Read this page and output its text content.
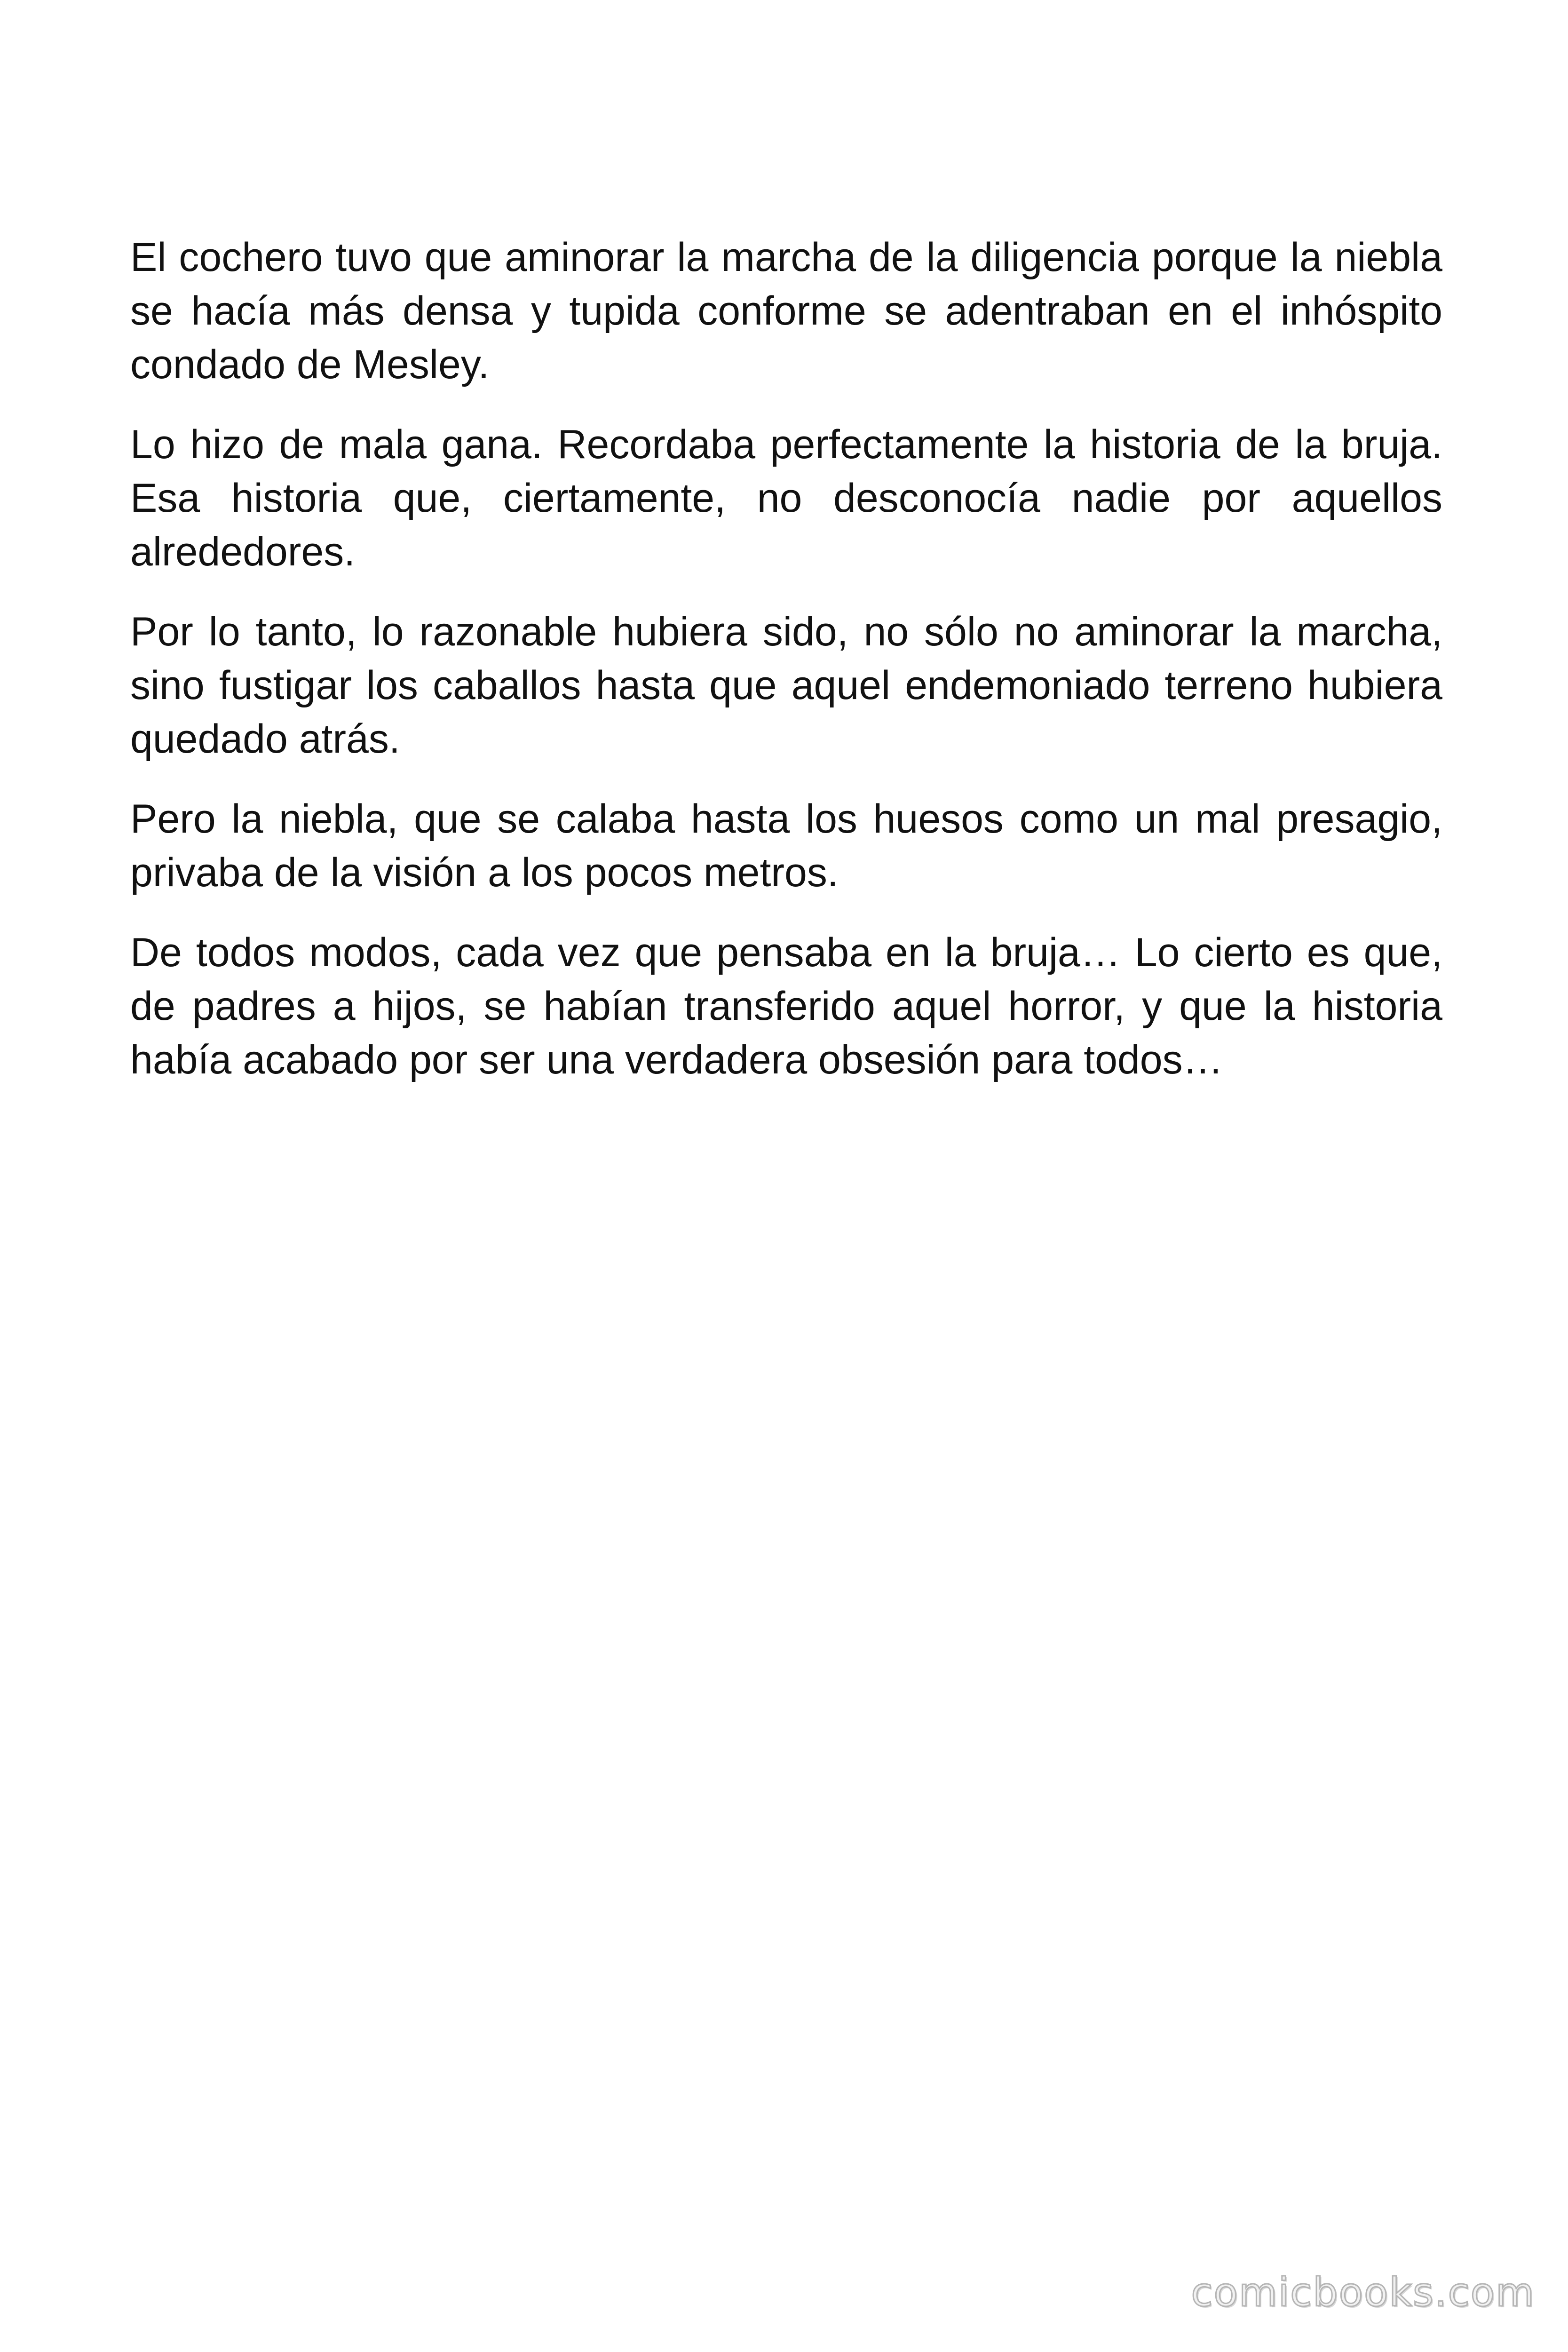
El cochero tuvo que aminorar la marcha de la diligencia porque la niebla se hacía más densa y tupida conforme se adentraban en el inhóspito condado de Mesley.

Lo hizo de mala gana. Recordaba perfectamente la historia de la bruja. Esa historia que, ciertamente, no desconocía nadie por aquellos alrededores.

Por lo tanto, lo razonable hubiera sido, no sólo no aminorar la marcha, sino fustigar los caballos hasta que aquel endemoniado terreno hubiera quedado atrás.

Pero la niebla, que se calaba hasta los huesos como un mal presagio, privaba de la visión a los pocos metros.

De todos modos, cada vez que pensaba en la bruja… Lo cierto es que, de padres a hijos, se habían transferido aquel horror, y que la historia había acabado por ser una verdadera obsesión para todos…

comicbooks.com
